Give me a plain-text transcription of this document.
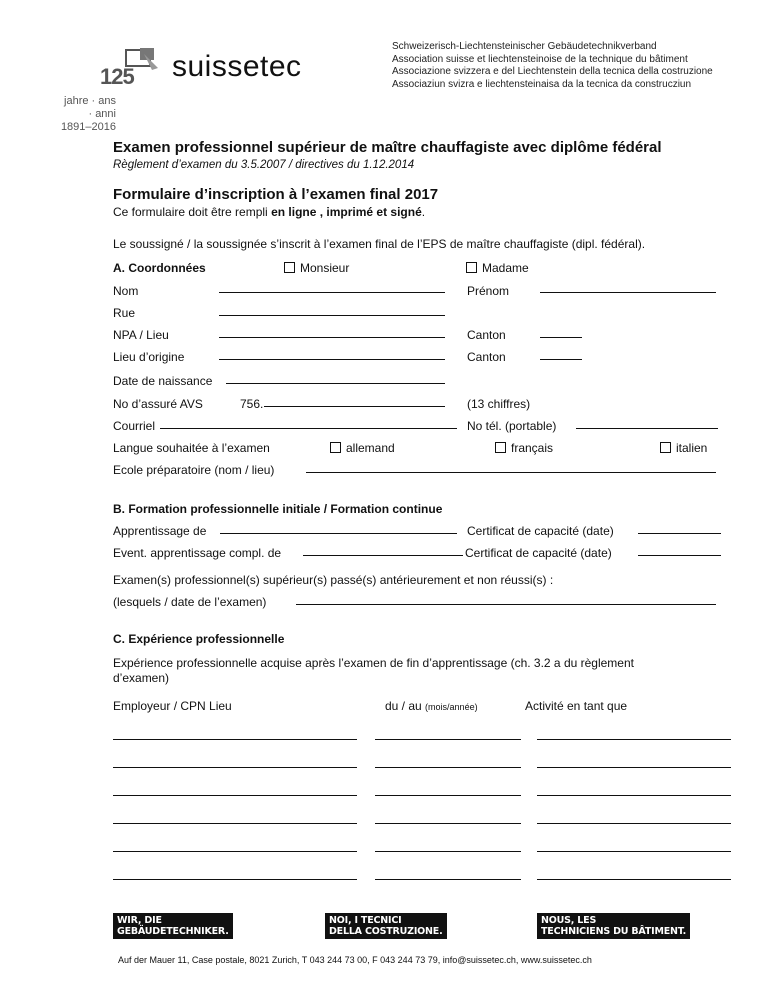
125 suissetec
jahre · ans · anni
1891–2016
Schweizerisch-Liechtensteinischer Gebäudetechnikverband
Association suisse et liechtensteinoise de la technique du bâtiment
Associazione svizzera e del Liechtenstein della tecnica della costruzione
Associaziun svizra e liechtensteinaisa da la tecnica da construcziun
Examen professionnel supérieur de maître chauffagiste avec diplôme fédéral
Règlement d’examen du 3.5.2007 / directives du 1.12.2014
Formulaire d’inscription à l’examen final 2017
Ce formulaire doit être rempli en ligne , imprimé et signé.
Le soussigné / la soussignée s’inscrit à l’examen final de l’EPS de maître chauffagiste (dipl. fédéral).
A. Coordonnées	Monsieur	Madame
Nom	Prénom
Rue
NPA / Lieu	Canton
Lieu d’origine	Canton
Date de naissance
No d’assuré AVS	756.	(13 chiffres)
Courriel	No tél. (portable)
Langue souhaitée à l’examen	allemand	français	italien
Ecole préparatoire (nom / lieu)
B. Formation professionnelle initiale / Formation continue
Apprentissage de	Certificat de capacité (date)
Event. apprentissage compl. de	Certificat de capacité (date)
Examen(s) professionnel(s) supérieur(s) passé(s) antérieurement et non réussi(s) :
(lesquels / date de l’examen)
C. Expérience professionnelle
Expérience professionnelle acquise après l’examen de fin d’apprentissage (ch. 3.2 a du règlement
d’examen)
Employeur / CPN Lieu	du / au (mois/année)	Activité en tant que
WIR, DIE
GEBÄUDETECHNIKER.
NOI, I TECNICI
DELLA COSTRUZIONE.
NOUS, LES
TECHNICIENS DU BÂTIMENT.
Auf der Mauer 11, Case postale, 8021 Zurich, T 043 244 73 00, F 043 244 73 79, info@suissetec.ch, www.suissetec.ch
